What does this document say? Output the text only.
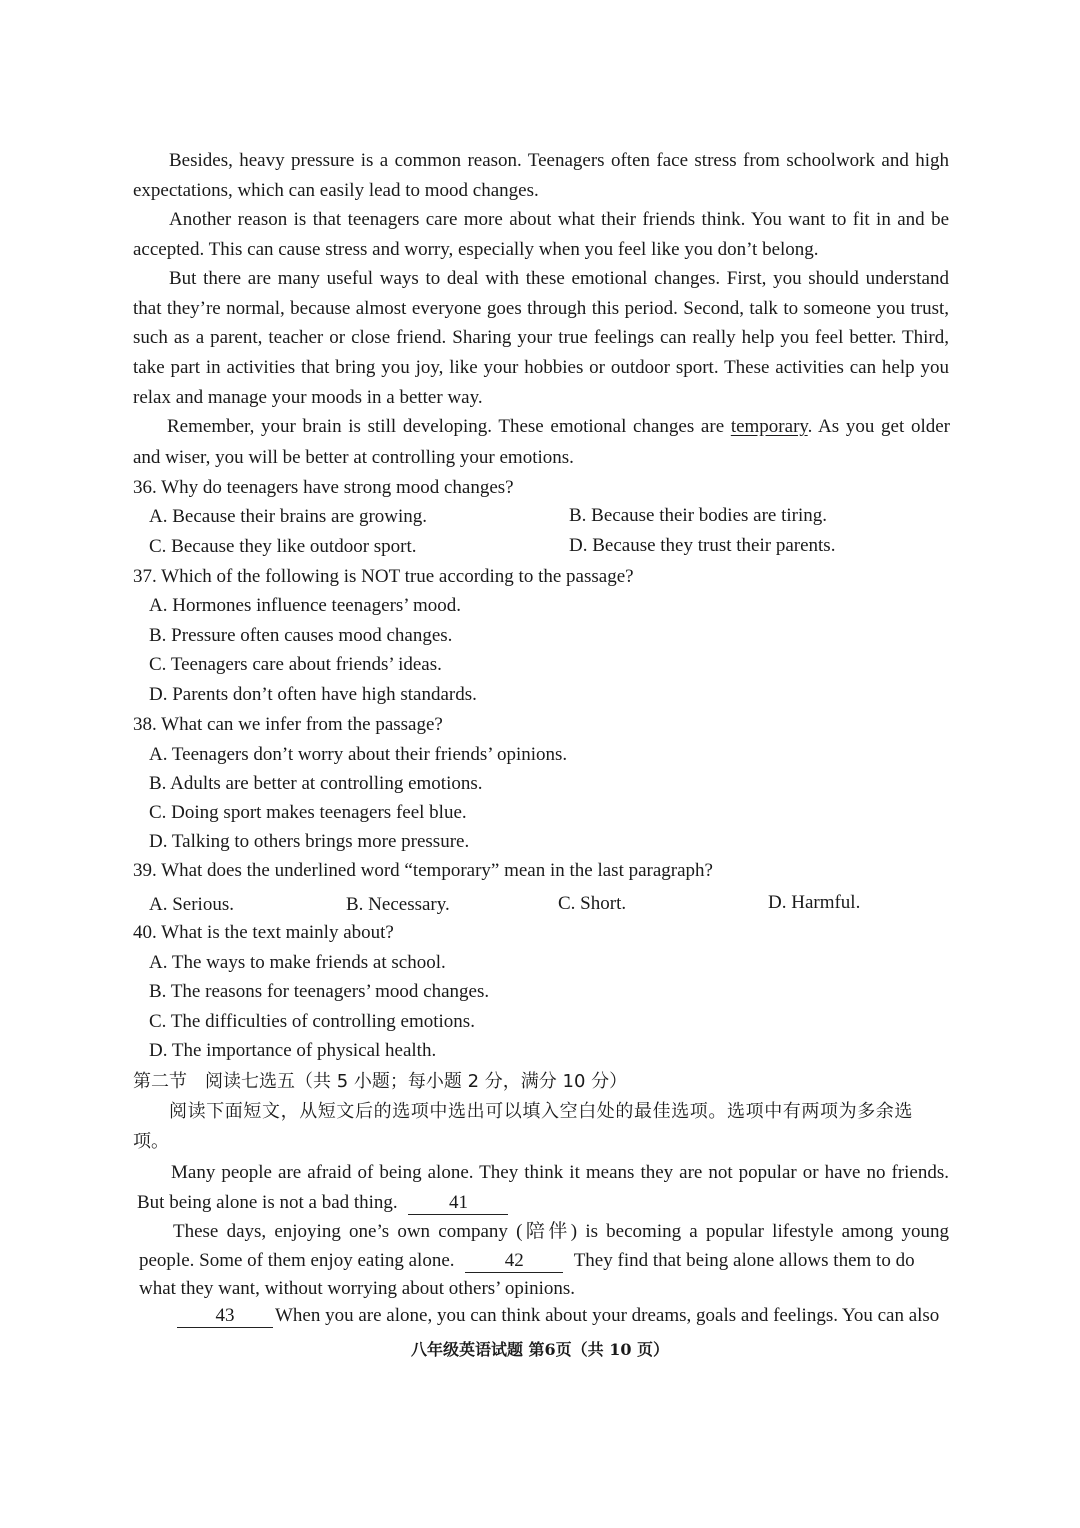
Besides, heavy pressure is a common reason. Teenagers often face stress from schoolwork and high
expectations, which can easily lead to mood changes.
Another reason is that teenagers care more about what their friends think. You want to fit in and be
accepted. This can cause stress and worry, especially when you feel like you don’t belong.
But there are many useful ways to deal with these emotional changes. First, you should understand
that they’re normal, because almost everyone goes through this period. Second, talk to someone you trust,
such as a parent, teacher or close friend. Sharing your true feelings can really help you feel better. Third,
take part in activities that bring you joy, like your hobbies or outdoor sport. These activities can help you
relax and manage your moods in a better way.
Remember, your brain is still developing. These emotional changes are temporary. As you get older
and wiser, you will be better at controlling your emotions.
36. Why do teenagers have strong mood changes?
A. Because their brains are growing.	B. Because their bodies are tiring.
C. Because they like outdoor sport.	D. Because they trust their parents.
37. Which of the following is NOT true according to the passage?
A. Hormones influence teenagers’ mood.
B. Pressure often causes mood changes.
C. Teenagers care about friends’ ideas.
D. Parents don’t often have high standards.
38. What can we infer from the passage?
A. Teenagers don’t worry about their friends’ opinions.
B. Adults are better at controlling emotions.
C. Doing sport makes teenagers feel blue.
D. Talking to others brings more pressure.
39. What does the underlined word “temporary” mean in the last paragraph?
A. Serious.	B. Necessary.	C. Short.	D. Harmful.
40. What is the text mainly about?
A. The ways to make friends at school.
B. The reasons for teenagers’ mood changes.
C. The difficulties of controlling emotions.
D. The importance of physical health.
第二节　阅读七选五（共 5 小题；每小题 2 分，满分 10 分）
阅读下面短文，从短文后的选项中选出可以填入空白处的最佳选项。选项中有两项为多余选
项。
Many people are afraid of being alone. They think it means they are not popular or have no friends.
But being alone is not a bad thing.	41
These days, enjoying one’s own company (陪伴) is becoming a popular lifestyle among young
people. Some of them enjoy eating alone.	42	They find that being alone allows them to do
what they want, without worrying about others’ opinions.
43 When you are alone, you can think about your dreams, goals and feelings. You can also
八年级英语试题 第6页（共 10 页）
